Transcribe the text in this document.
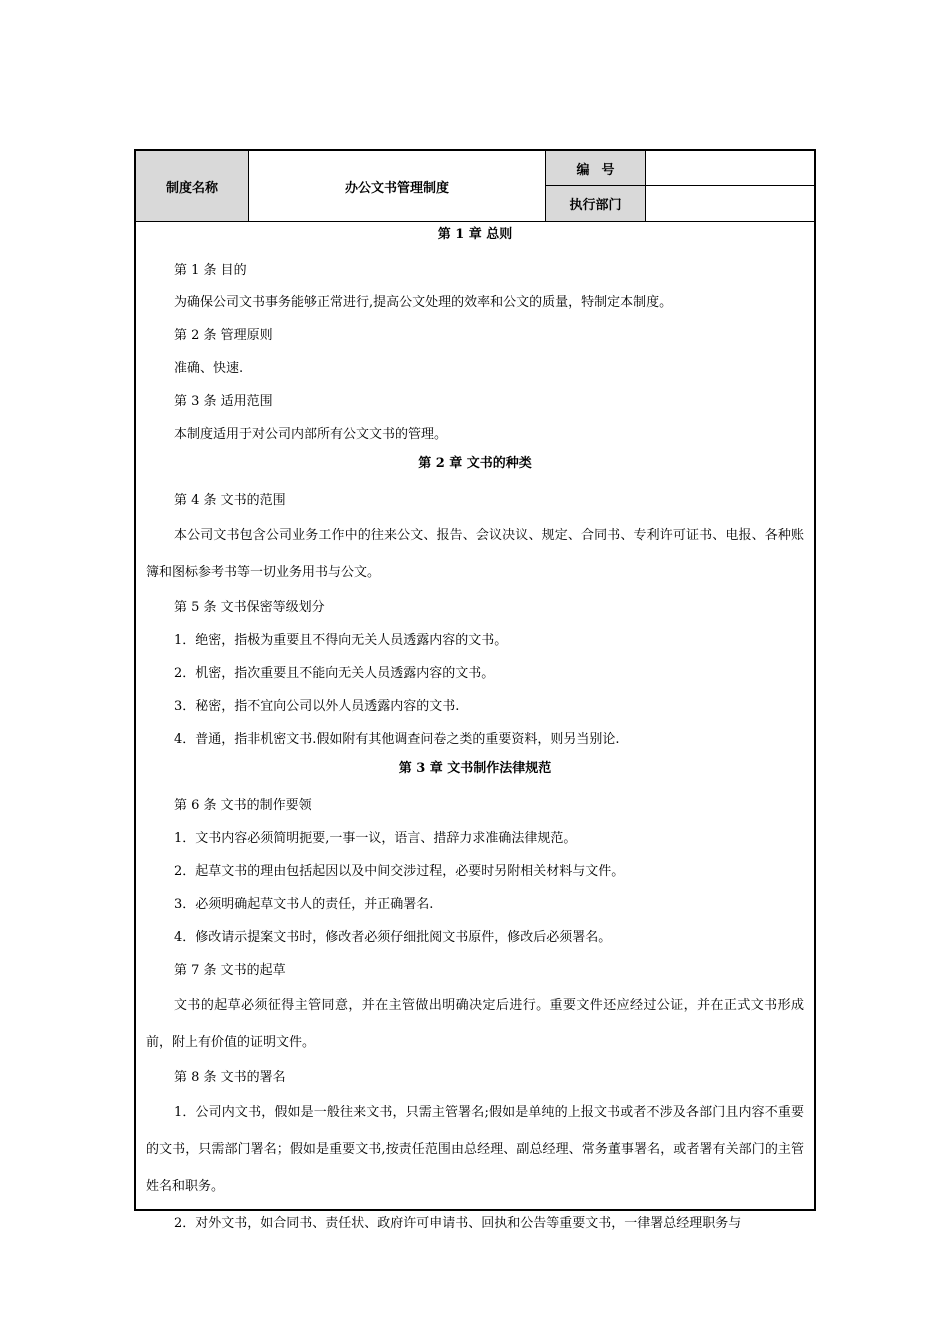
制度名称	办公文书管理制度
编号
执行部门
第 1 章 总则
第 1 条 目的
为确保公司文书事务能够正常进行,提高公文处理的效率和公文的质量，特制定本制度。
第 2 条 管理原则
准确、快速.
第 3 条 适用范围
本制度适用于对公司内部所有公文文书的管理。
第 2 章 文书的种类
第 4 条 文书的范围
本公司文书包含公司业务工作中的往来公文、报告、会议决议、规定、合同书、专利许可证书、电报、各种账簿和图标参考书等一切业务用书与公文。
第 5 条 文书保密等级划分
1．绝密，指极为重要且不得向无关人员透露内容的文书。
2．机密，指次重要且不能向无关人员透露内容的文书。
3．秘密，指不宜向公司以外人员透露内容的文书.
4．普通，指非机密文书.假如附有其他调查问卷之类的重要资料，则另当别论.
第 3 章 文书制作法律规范
第 6 条 文书的制作要领
1．文书内容必须简明扼要,一事一议，语言、措辞力求准确法律规范。
2．起草文书的理由包括起因以及中间交涉过程，必要时另附相关材料与文件。
3．必须明确起草文书人的责任，并正确署名.
4．修改请示提案文书时，修改者必须仔细批阅文书原件，修改后必须署名。
第 7 条 文书的起草
文书的起草必须征得主管同意，并在主管做出明确决定后进行。重要文件还应经过公证，并在正式文书形成前，附上有价值的证明文件。
第 8 条 文书的署名
1．公司内文书，假如是一般往来文书，只需主管署名;假如是单纯的上报文书或者不涉及各部门且内容不重要的文书，只需部门署名；假如是重要文书,按责任范围由总经理、副总经理、常务董事署名，或者署有关部门的主管姓名和职务。
2．对外文书，如合同书、责任状、政府许可申请书、回执和公告等重要文书，一律署总经理职务与
